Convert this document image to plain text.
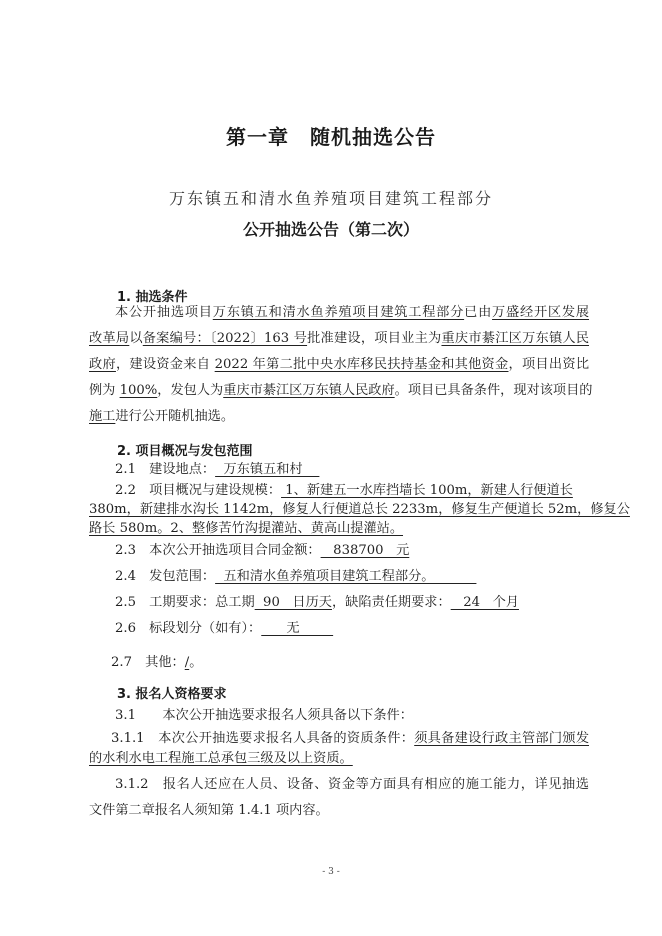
第一章　随机抽选公告
万东镇五和清水鱼养殖项目建筑工程部分
公开抽选公告（第二次）
1. 抽选条件
本公开抽选项目万东镇五和清水鱼养殖项目建筑工程部分已由万盛经开区发展
改革局以备案编号：〔2022〕163 号批准建设，项目业主为重庆市綦江区万东镇人民
政府，建设资金来自 2022 年第二批中央水库移民扶持基金和其他资金，项目出资比
例为 100%，发包人为重庆市綦江区万东镇人民政府。项目已具备条件，现对该项目的
施工进行公开随机抽选。
2. 项目概况与发包范围
2.1　建设地点：  万东镇五和村
2.2　项目概况与建设规模： 1、新建五一水库挡墙长 100m，新建人行便道长
380m，新建排水沟长 1142m，修复人行便道总长 2233m，修复生产便道长 52m，修复公
路长 580m。2、整修苦竹沟提灌站、黄高山提灌站。
2.3　本次公开抽选项目合同金额：   838700   元
2.4　发包范围：  五和清水鱼养殖项目建筑工程部分。
2.5　工期要求：总工期  90   日历天，缺陷责任期要求：   24   个月
2.6　标段划分（如有）：      无
2.7　其他：/。
3. 报名人资格要求
3.1　　本次公开抽选要求报名人须具备以下条件：
3.1.1　本次公开抽选要求报名人具备的资质条件：须具备建设行政主管部门颁发
的水利水电工程施工总承包三级及以上资质。
3.1.2　报名人还应在人员、设备、资金等方面具有相应的施工能力，详见抽选
文件第二章报名人须知第 1.4.1 项内容。
- 3 -
